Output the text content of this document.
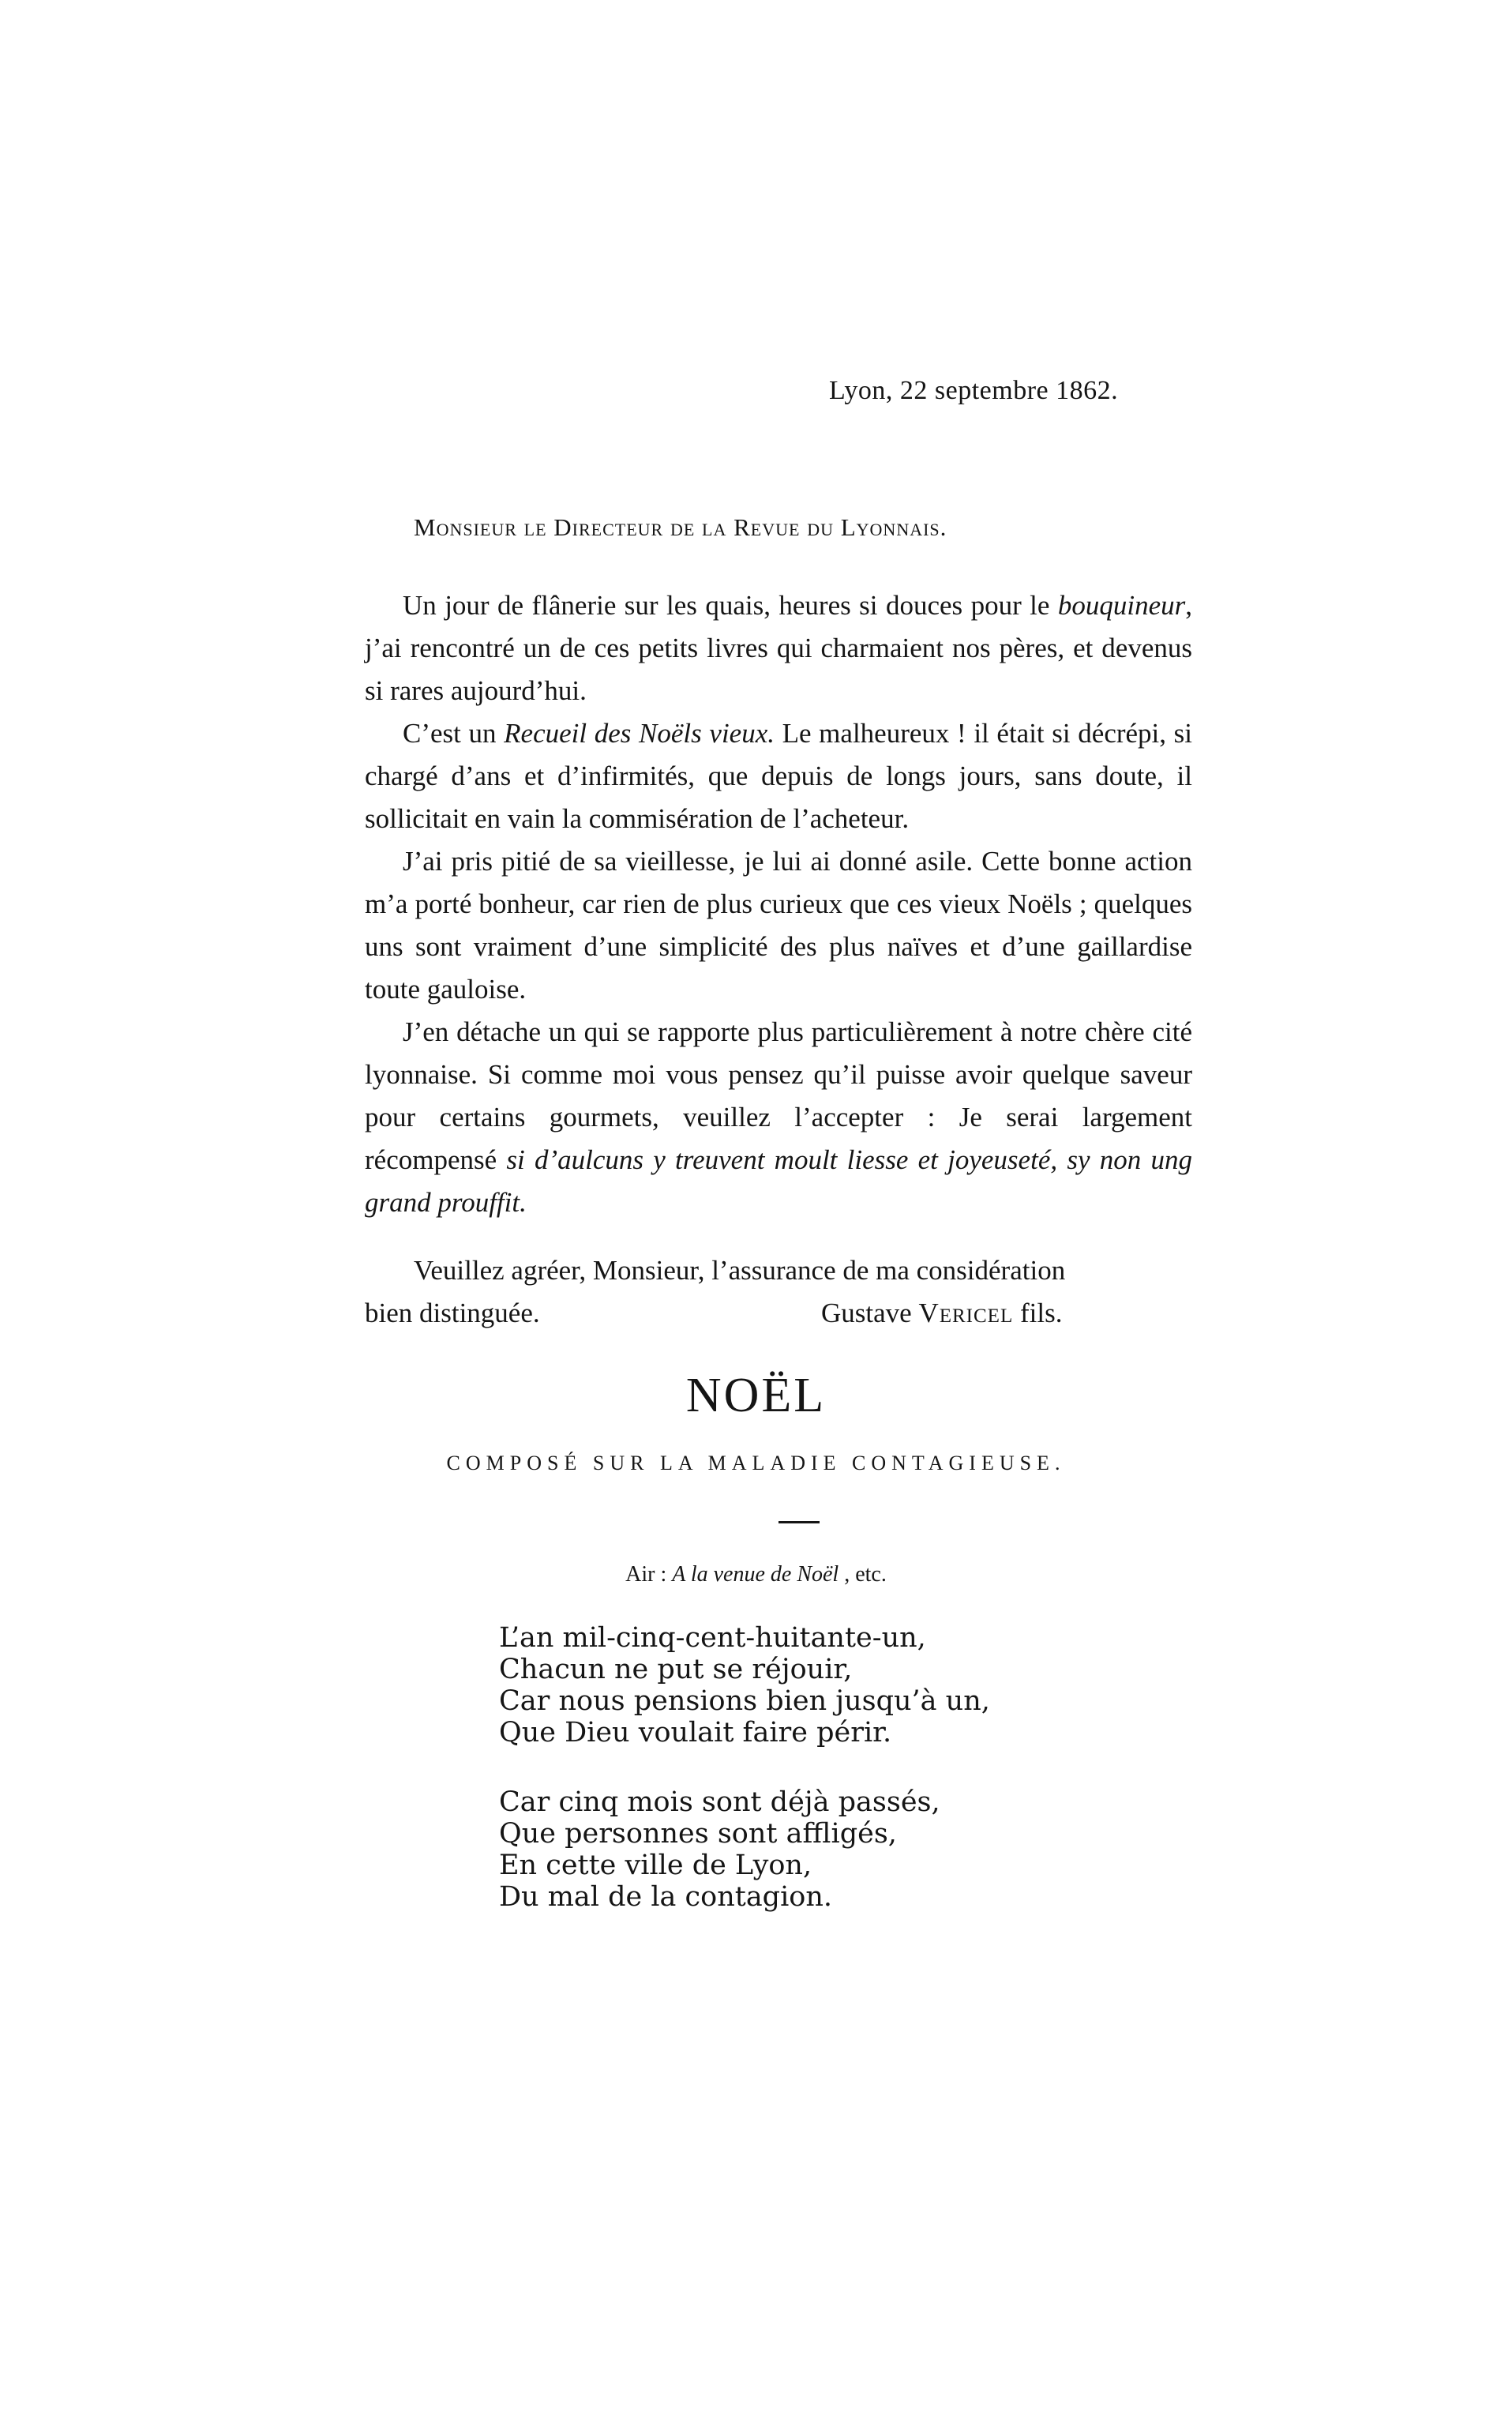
Lyon, 22 septembre 1862.
Monsieur le Directeur de la Revue du Lyonnais.

Un jour de flânerie sur les quais, heures si douces pour le bouquineur, j’ai rencontré un de ces petits livres qui charmaient nos pères, et devenus si rares aujourd’hui.

C’est un Recueil des Noëls vieux. Le malheureux ! il était si décrépi, si chargé d’ans et d’infirmités, que depuis de longs jours, sans doute, il sollicitait en vain la commisération de l’acheteur.

J’ai pris pitié de sa vieillesse, je lui ai donné asile. Cette bonne action m’a porté bonheur, car rien de plus curieux que ces vieux Noëls ; quelques uns sont vraiment d’une simplicité des plus naïves et d’une gaillardise toute gauloise.

J’en détache un qui se rapporte plus particulièrement à notre chère cité lyonnaise. Si comme moi vous pensez qu’il puisse avoir quelque saveur pour certains gourmets, veuillez l’accepter : Je serai largement récompensé si d’aulcuns y treuvent moult liesse et joyeuseté, sy non ung grand prouffit.

Veuillez agréer, Monsieur, l’assurance de ma considération
bien distinguée.	Gustave Vericel fils.
NOËL
COMPOSÉ SUR LA MALADIE CONTAGIEUSE.
Air : A la venue de Noël , etc.
L’an mil-cinq-cent-huitante-un,
Chacun ne put se réjouir,
Car nous pensions bien jusqu’à un,
Que Dieu voulait faire périr.
Car cinq mois sont déjà passés,
Que personnes sont affligés,
En cette ville de Lyon,
Du mal de la contagion.
